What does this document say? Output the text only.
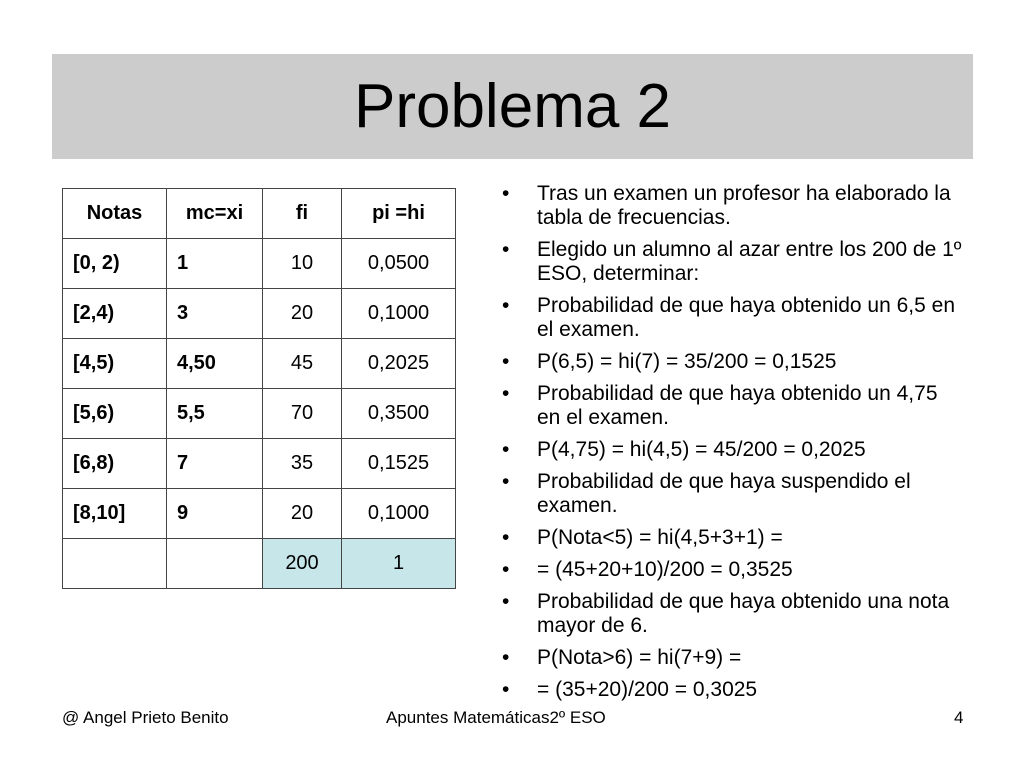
Problema 2
Notas	mc=xi	fi	pi =hi
[0, 2)	1	10	0,0500
[2,4)	3	20	0,1000
[4,5)	4,50	45	0,2025
[5,6)	5,5	70	0,3500
[6,8)	7	35	0,1525
[8,10]	9	20	0,1000
		200	1
• Tras un examen un profesor ha elaborado la tabla de frecuencias.
• Elegido un alumno al azar entre los 200 de 1º ESO, determinar:
• Probabilidad de que haya obtenido un 6,5 en el examen.
• P(6,5) = hi(7) = 35/200 = 0,1525
• Probabilidad de que haya obtenido un 4,75 en el examen.
• P(4,75) = hi(4,5) = 45/200 = 0,2025
• Probabilidad de que haya suspendido el examen.
• P(Nota<5) = hi(4,5+3+1) =
• = (45+20+10)/200 = 0,3525
• Probabilidad de que haya obtenido una nota mayor de 6.
• P(Nota>6) = hi(7+9) =
• = (35+20)/200 = 0,3025
@ Angel Prieto Benito	Apuntes Matemáticas2º ESO	4
